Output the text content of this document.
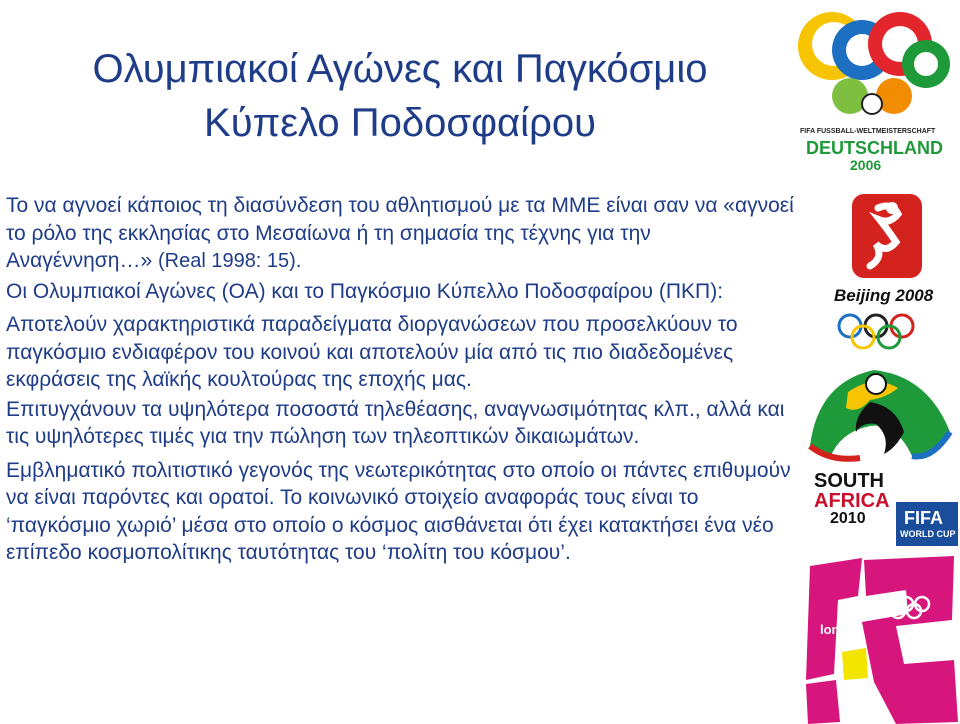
Ολυμπιακοί Αγώνες και Παγκόσμιο
Κύπελο Ποδοσφαίρου

Το να αγνοεί κάποιος τη διασύνδεση του αθλητισμού με τα ΜΜΕ είναι σαν να «αγνοεί το ρόλο της εκκλησίας στο Μεσαίωνα ή τη σημασία της τέχνης για την Αναγέννηση…» (Real 1998: 15).

Οι Ολυμπιακοί Αγώνες (ΟΑ) και το Παγκόσμιο Κύπελλο Ποδοσφαίρου (ΠΚΠ):

Αποτελούν χαρακτηριστικά παραδείγματα διοργανώσεων που προσελκύουν το παγκόσμιο ενδιαφέρον του κοινού και αποτελούν μία από τις πιο διαδεδομένες εκφράσεις της λαϊκής κουλτούρας της εποχής μας.

Επιτυγχάνουν τα υψηλότερα ποσοστά τηλεθέασης, αναγνωσιμότητας κλπ., αλλά και τις υψηλότερες τιμές για την πώληση των τηλεοπτικών δικαιωμάτων.

Εμβληματικό πολιτιστικό γεγονός της νεωτερικότητας στο οποίο οι πάντες επιθυμούν να είναι παρόντες και ορατοί. Το κοινωνικό στοιχείο αναφοράς τους είναι το ‘παγκόσμιο χωριό’ μέσα στο οποίο ο κόσμος αισθάνεται ότι έχει κατακτήσει ένα νέο επίπεδο κοσμοπολίτικης ταυτότητας του ‘πολίτη του κόσμου’.

FIFA FUSSBALL-WELTMEISTERSCHAFT
DEUTSCHLAND
2006
Beijing 2008
SOUTH
AFRICA
2010 FIFA
WORLD CUP
london
